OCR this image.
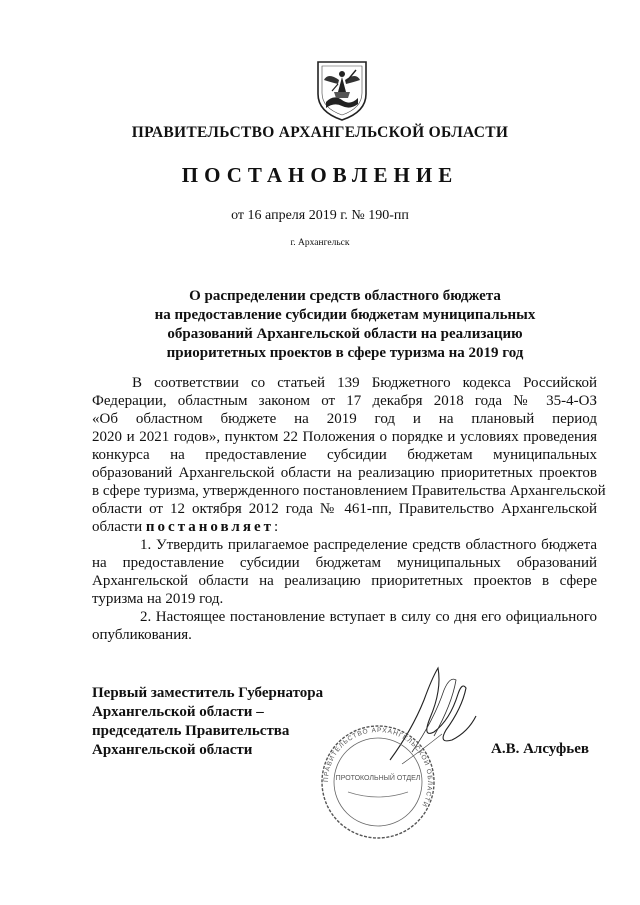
ПРАВИТЕЛЬСТВО АРХАНГЕЛЬСКОЙ ОБЛАСТИ
ПОСТАНОВЛЕНИЕ
от 16 апреля 2019 г. № 190-пп
г. Архангельск
О распределении средств областного бюджета
на предоставление субсидии бюджетам муниципальных
образований Архангельской области на реализацию
приоритетных проектов в сфере туризма на 2019 год
В соответствии со статьей 139 Бюджетного кодекса Российской
Федерации, областным законом от 17 декабря 2018 года № 35-4-ОЗ
«Об областном бюджете на 2019 год и на плановый период
2020 и 2021 годов», пунктом 22 Положения о порядке и условиях проведения
конкурса на предоставление субсидии бюджетам муниципальных
образований Архангельской области на реализацию приоритетных проектов
в сфере туризма, утвержденного постановлением Правительства Архангельской
области от 12 октября 2012 года № 461-пп, Правительство Архангельской
области постановляет:
1. Утвердить прилагаемое распределение средств областного бюджета
на предоставление субсидии бюджетам муниципальных образований
Архангельской области на реализацию приоритетных проектов в сфере
туризма на 2019 год.
2. Настоящее постановление вступает в силу со дня его официального
опубликования.
Первый заместитель Губернатора
Архангельской области –
председатель Правительства
Архангельской области	А.В. Алсуфьев
ПРАВИТЕЛЬСТВО АРХАНГЕЛЬСКОЙ ОБЛАСТИ
ПРОТОКОЛЬНЫЙ ОТДЕЛ
